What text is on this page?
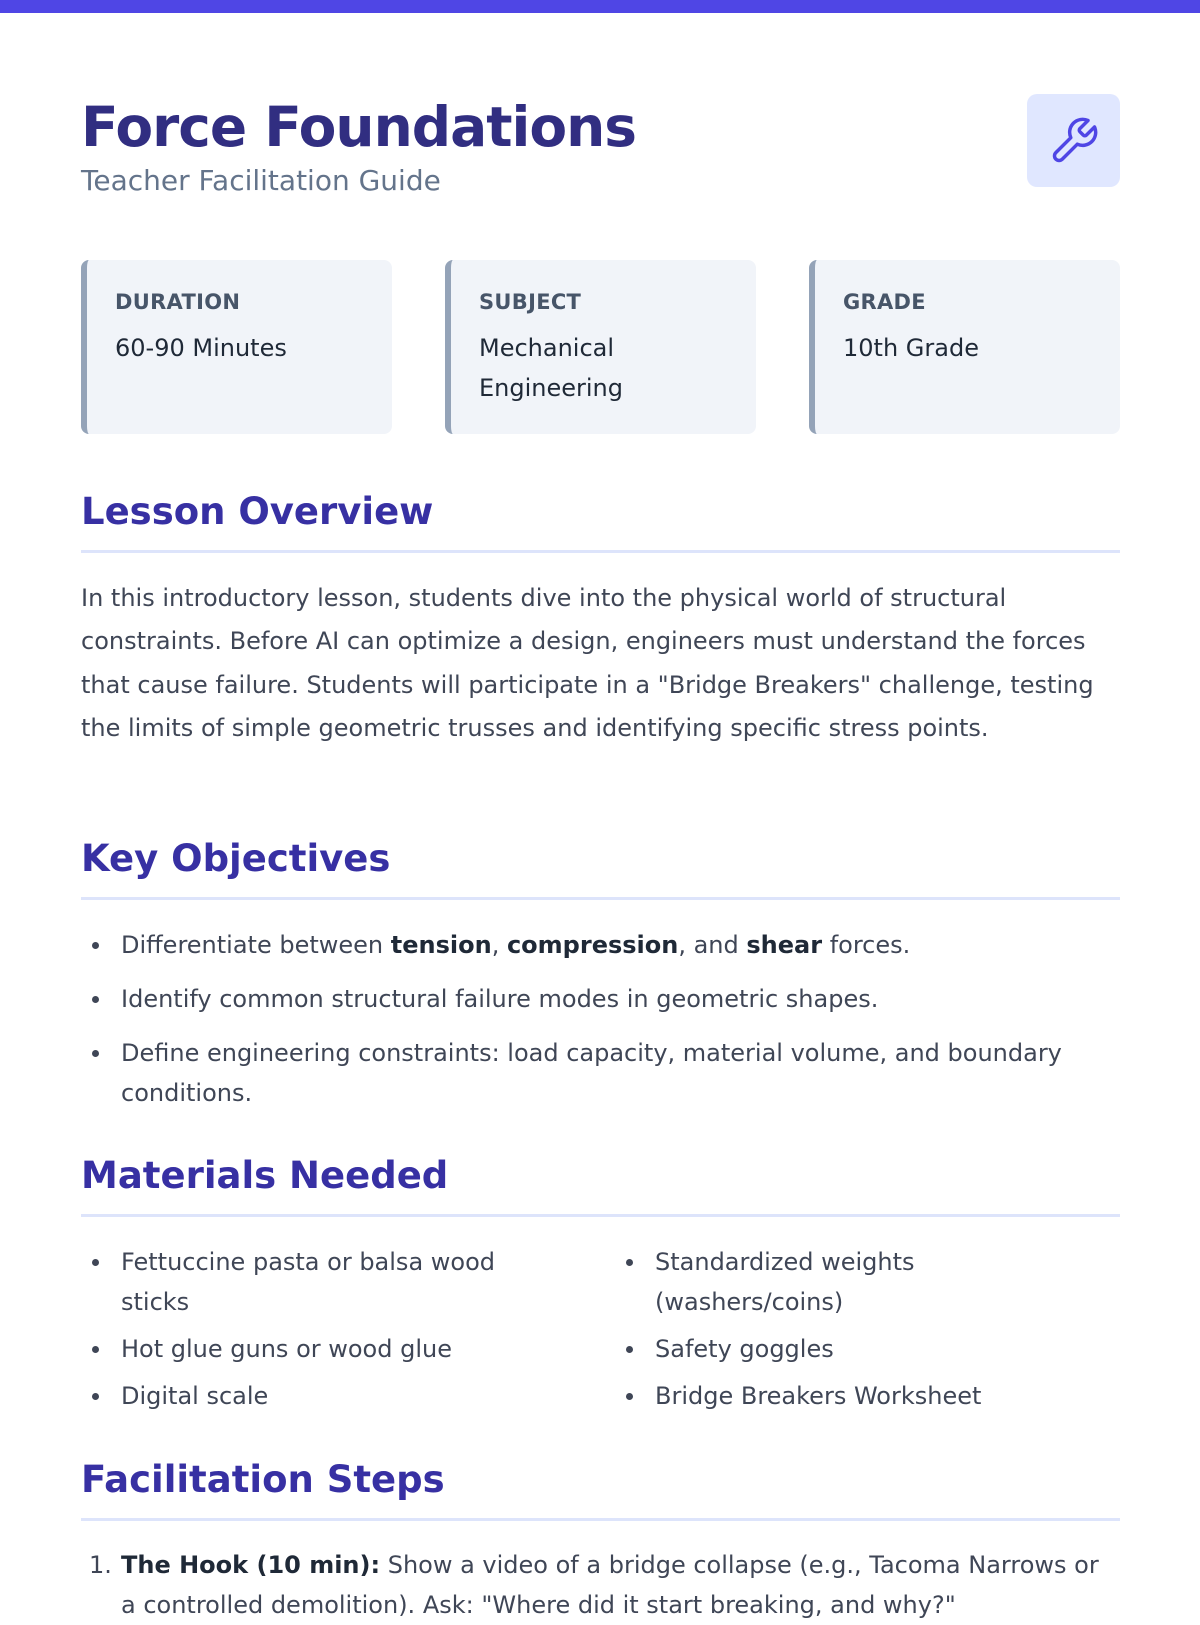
Force Foundations

Teacher Facilitation Guide

DURATION
60-90 Minutes
SUBJECT
Mechanical Engineering
GRADE
10th Grade
Lesson Overview

In this introductory lesson, students dive into the physical world of structural constraints. Before AI can optimize a design, engineers must understand the forces that cause failure. Students will participate in a "Bridge Breakers" challenge, testing the limits of simple geometric trusses and identifying specific stress points.

Key Objectives
Differentiate between tension, compression, and shear forces.
Identify common structural failure modes in geometric shapes.
Define engineering constraints: load capacity, material volume, and boundary conditions.
Materials Needed
Fettuccine pasta or balsa wood sticks
Hot glue guns or wood glue
Digital scale
Standardized weights (washers/coins)
Safety goggles
Bridge Breakers Worksheet
Facilitation Steps
1. The Hook (10 min): Show a video of a bridge collapse (e.g., Tacoma Narrows or a controlled demolition). Ask: "Where did it start breaking, and why?"
